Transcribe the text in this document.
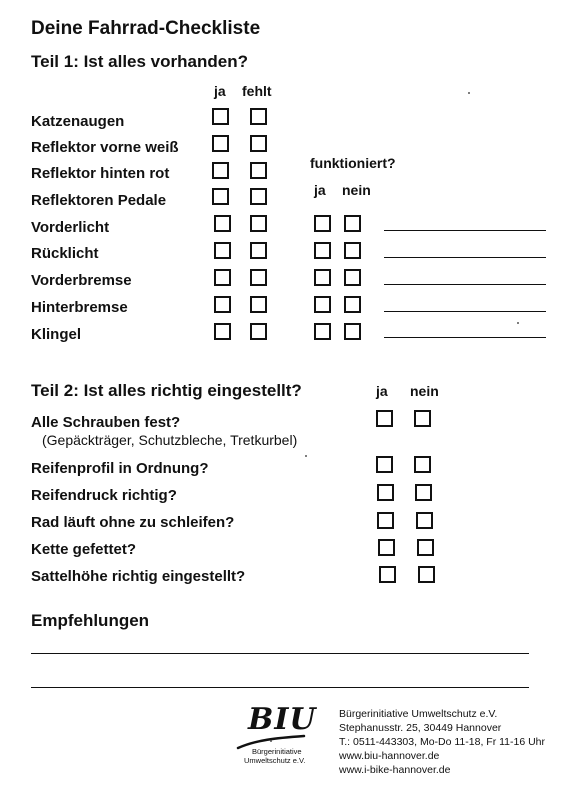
Deine Fahrrad-Checkliste
Teil 1: Ist alles vorhanden?
ja fehlt
funktioniert?
ja nein
Katzenaugen
Reflektor vorne weiß
Reflektor hinten rot
Reflektoren Pedale
Vorderlicht
Rücklicht
Vorderbremse
Hinterbremse
Klingel
Teil 2: Ist alles richtig eingestellt?	ja nein
Alle Schrauben fest?
(Gepäckträger, Schutzbleche, Tretkurbel)
Reifenprofil in Ordnung?
Reifendruck richtig?
Rad läuft ohne zu schleifen?
Kette gefettet?
Sattelhöhe richtig eingestellt?
Empfehlungen
BIU
Bürgerinitiative
Umweltschutz e.V.
Bürgerinitiative Umweltschutz e.V.
Stephanusstr. 25, 30449 Hannover
T.: 0511-443303, Mo-Do 11-18, Fr 11-16 Uhr
www.biu-hannover.de
www.i-bike-hannover.de
